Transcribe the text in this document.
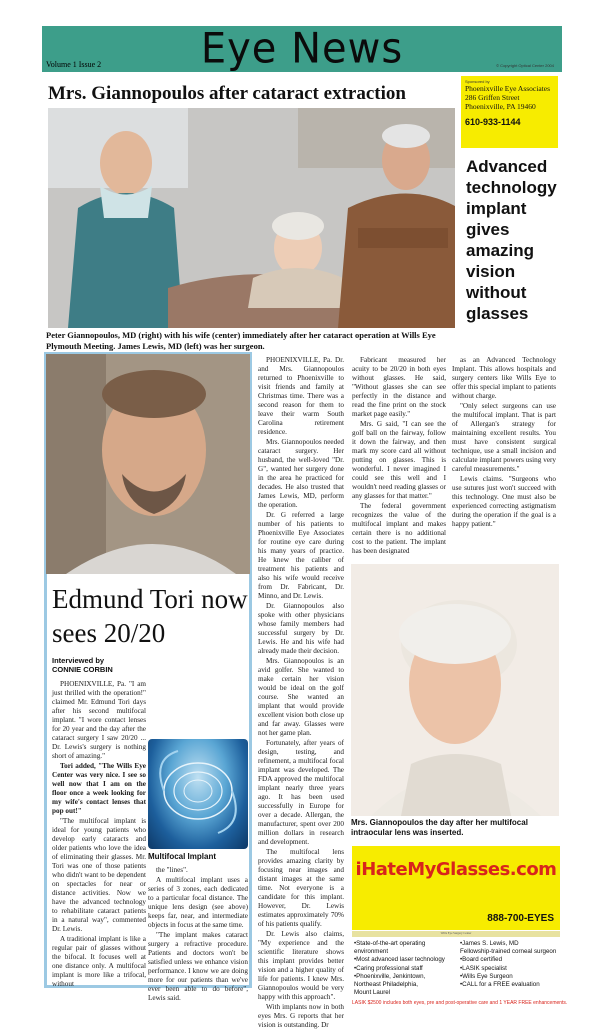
Eye News
Volume 1 Issue 2	© Copyright Optical Center 2004
Mrs. Giannopoulos after cataract extraction
Peter Giannopoulos, MD (right) with his wife (center) immediately after her cataract operation at Wills Eye Plymouth Meeting. James Lewis, MD (left) was her surgeon.
Sponsored by
Phoenixville Eye Associates
286 Griffen Street
Phoenixville, PA 19460
610-933-1144
Advanced technology implant gives amazing vision without glasses
Edmund Tori now sees 20/20
Interviewed by
CONNIE CORBIN

PHOENIXVILLE, Pa. "I am just thrilled with the operation!" claimed Mr. Edmund Tori days after his second multifocal implant. "I wore contact lenses for 20 year and the day after the cataract surgery I saw 20/20 ... Dr. Lewis's surgery is nothing short of amazing."

Tori added, "The Wills Eye Center was very nice. I see so well now that I am on the floor once a week looking for my wife's contact lenses that pop out!"

"The multifocal implant is ideal for young patients who develop early cataracts and older patients who love the idea of eliminating their glasses. Mr. Tori was one of those patients who didn't want to be dependent on spectacles for near or distance activities. Now we have the advanced technology to rehabilitate cataract patients in a natural way", commented Dr. Lewis.

A traditional implant is like a regular pair of glasses without the bifocal. It focuses well at one distance only. A multifocal implant is more like a trifocal, without

Multifocal Implant

the "lines".

A multifocal implant uses a series of 3 zones, each dedicated to a particular focal distance. The unique lens design (see above) keeps far, near, and intermediate objects in focus at the same time.

"The implant makes cataract surgery a refractive procedure. Patients and doctors won't be satisfied unless we enhance vision performance. I know we are doing more for our patients than we've ever been able to do before", Lewis said.

PHOENIXVILLE, Pa. Dr. and Mrs. Giannopoulos returned to Phoenixville to visit friends and family at Christmas time. There was a second reason for them to leave their warm South Carolina retirement residence.

Mrs. Giannopoulos needed cataract surgery. Her husband, the well-loved "Dr. G", wanted her surgery done in the area he practiced for decades. He also trusted that James Lewis, MD, perform the operation.

Dr. G referred a large number of his patients to Phoenixville Eye Associates for routine eye care during his many years of practice. He knew the caliber of treatment his patients and also his wife would receive from Dr. Fabricant, Dr. Minno, and Dr. Lewis.

Dr. Giannopoulos also spoke with other physicians whose family members had successful surgery by Dr. Lewis. He and his wife had already made their decision.

Mrs. Giannopoulos is an avid golfer. She wanted to make certain her vision would be ideal on the golf course. She wanted an implant that would provide excellent vision both close up and far away. Glasses were not her game plan.

Fortunately, after years of design, testing, and refinement, a multifocal focal implant was developed. The FDA approved the multifocal implant nearly three years ago. It has been used successfully in Europe for over a decade. Allergan, the manufacturer, spent over 200 million dollars in research and development.

The multifocal lens provides amazing clarity by focusing near images and distant images at the same time. Not everyone is a candidate for this implant. However, Dr. Lewis estimates approximately 70% of his patients qualify.

Dr. Lewis also claims, "My experience and the scientific literature shows this implant provides better vision and a higher quality of life for patients. I knew Mrs. Giannopoulos would be very happy with this approach".

With implants now in both eyes Mrs. G reports that her vision is outstanding. Dr

Fabricant measured her acuity to be 20/20 in both eyes without glasses. He said, "Without glasses she can see perfectly in the distance and read the fine print on the stock market page easily."

Mrs. G said, "I can see the golf ball on the fairway, follow it down the fairway, and then mark my score card all without putting on glasses. This is wonderful. I never imagined I could see this well and I wouldn't need reading glasses or any glasses for that matter."

The federal government recognizes the value of the multifocal implant and makes certain there is no additional cost to the patient. The implant has been designated

as an Advanced Technology Implant. This allows hospitals and surgery centers like Wills Eye to offer this special implant to patients without charge.

"Only select surgeons can use the multifocal implant. That is part of Allergan's strategy for maintaining excellent results. You must have consistent surgical technique, use a small incision and calculate implant powers using very careful measurements."

Lewis claims. "Surgeons who use sutures just won't succeed with this technology. One must also be experienced correcting astigmatism during the operation if the goal is a happy patient."

Mrs. Giannopoulos the day after her multifocal intraocular lens was inserted.
iHateMyGlasses.com
888-700-EYES
Wills Eye Surgery Center
•State-of-the-art operating environment
•Most advanced laser technology
•Caring professional staff
•Phoenixville, Jenkintown,
Northeast Philadelphia,
Mount Laurel
•James S. Lewis, MD
Fellowship-trained corneal surgeon
•Board certified
•LASIK specialist
•Wills Eye Surgeon
•CALL for a FREE evaluation
LASIK $2500 includes both eyes, pre and post-operative care and 1 YEAR FREE enhancements.
